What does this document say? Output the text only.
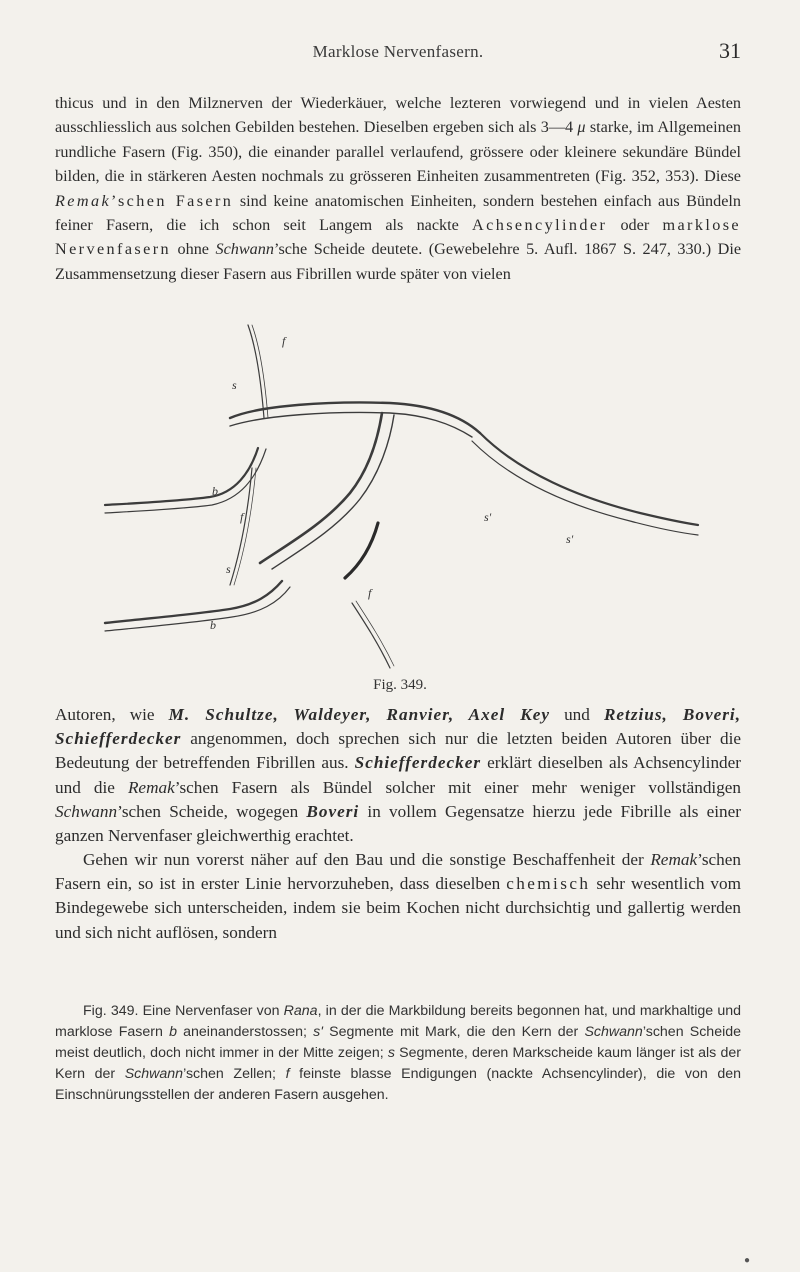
Marklose Nervenfasern.	31

thicus und in den Milznerven der Wiederkäuer, welche lezteren vorwiegend und in vielen Aesten ausschliesslich aus solchen Gebilden bestehen. Dieselben ergeben sich als 3—4 μ starke, im Allgemeinen rundliche Fasern (Fig. 350), die einander parallel verlaufend, grössere oder kleinere sekundäre Bündel bilden, die in stärkeren Aesten nochmals zu grösseren Einheiten zusammentreten (Fig. 352, 353). Diese Remak’schen Fasern sind keine anatomischen Einheiten, sondern bestehen einfach aus Bündeln feiner Fasern, die ich schon seit Langem als nackte Achsencylinder oder marklose Nervenfasern ohne Schwann’sche Scheide deutete. (Gewebelehre 5. Aufl. 1867 S. 247, 330.) Die Zusammensetzung dieser Fasern aus Fibrillen wurde später von vielen

s
b
f
s
s'
s'
b
f
f
Fig. 349.

Autoren, wie M. Schultze, Waldeyer, Ranvier, Axel Key und Retzius, Boveri, Schiefferdecker angenommen, doch sprechen sich nur die letzten beiden Autoren über die Bedeutung der betreffenden Fibrillen aus. Schiefferdecker erklärt dieselben als Achsencylinder und die Remak’schen Fasern als Bündel solcher mit einer mehr weniger vollständigen Schwann’schen Scheide, wogegen Boveri in vollem Gegensatze hierzu jede Fibrille als einer ganzen Nervenfaser gleichwerthig erachtet.

Gehen wir nun vorerst näher auf den Bau und die sonstige Beschaffenheit der Remak’schen Fasern ein, so ist in erster Linie hervorzuheben, dass dieselben chemisch sehr wesentlich vom Bindegewebe sich unterscheiden, indem sie beim Kochen nicht durchsichtig und gallertig werden und sich nicht auflösen, sondern

Fig. 349. Eine Nervenfaser von Rana, in der die Markbildung bereits begonnen hat, und markhaltige und marklose Fasern b aneinanderstossen; s' Segmente mit Mark, die den Kern der Schwann’schen Scheide meist deutlich, doch nicht immer in der Mitte zeigen; s Segmente, deren Markscheide kaum länger ist als der Kern der Schwann’schen Zellen; f feinste blasse Endigungen (nackte Achsencylinder), die von den Einschnürungsstellen der anderen Fasern ausgehen.

●
